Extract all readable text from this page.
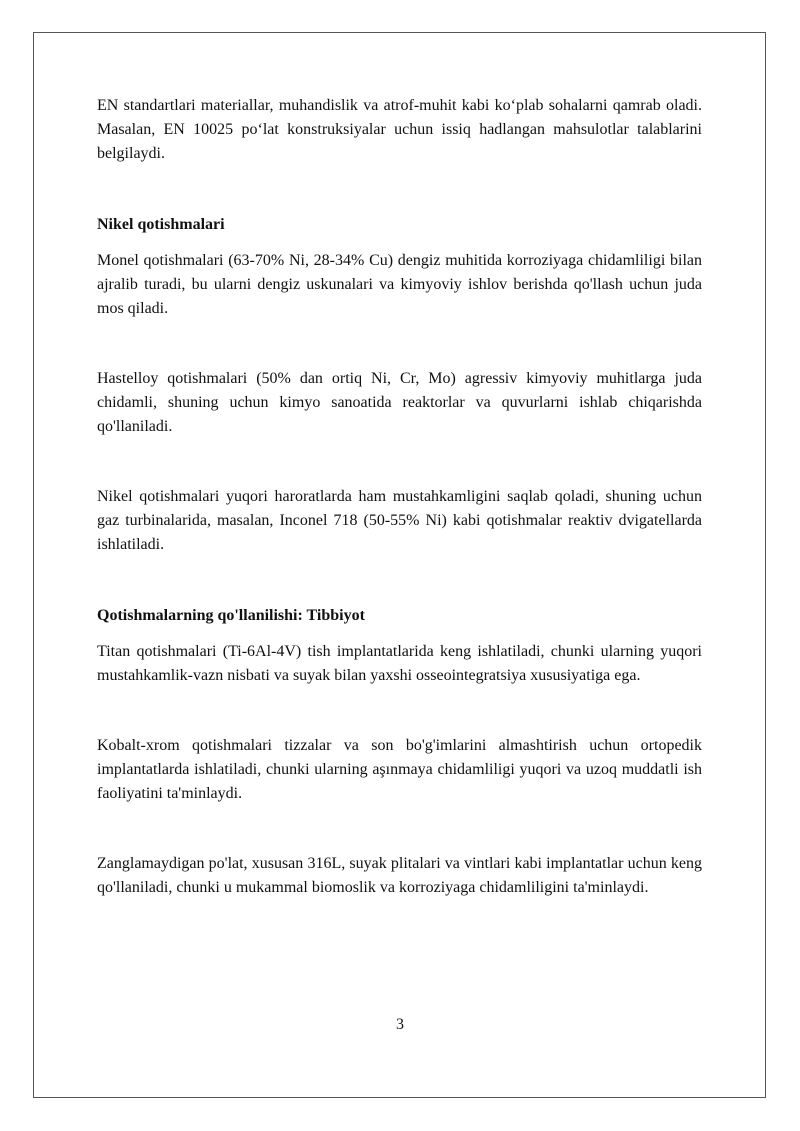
EN standartlari materiallar, muhandislik va atrof-muhit kabi ko‘plab sohalarni qamrab oladi. Masalan, EN 10025 po‘lat konstruksiyalar uchun issiq hadlangan mahsulotlar talablarini belgilaydi.

Nikel qotishmalari

Monel qotishmalari (63-70% Ni, 28-34% Cu) dengiz muhitida korroziyaga chidamliligi bilan ajralib turadi, bu ularni dengiz uskunalari va kimyoviy ishlov berishda qo'llash uchun juda mos qiladi.

Hastelloy qotishmalari (50% dan ortiq Ni, Cr, Mo) agressiv kimyoviy muhitlarga juda chidamli, shuning uchun kimyo sanoatida reaktorlar va quvurlarni ishlab chiqarishda qo'llaniladi.

Nikel qotishmalari yuqori haroratlarda ham mustahkamligini saqlab qoladi, shuning uchun gaz turbinalarida, masalan, Inconel 718 (50-55% Ni) kabi qotishmalar reaktiv dvigatellarda ishlatiladi.

Qotishmalarning qo'llanilishi: Tibbiyot

Titan qotishmalari (Ti-6Al-4V) tish implantatlarida keng ishlatiladi, chunki ularning yuqori mustahkamlik-vazn nisbati va suyak bilan yaxshi osseointegratsiya xususiyatiga ega.

Kobalt-xrom qotishmalari tizzalar va son bo'g'imlarini almashtirish uchun ortopedik implantatlarda ishlatiladi, chunki ularning aşınmaya chidamliligi yuqori va uzoq muddatli ish faoliyatini ta'minlaydi.

Zanglamaydigan po'lat, xususan 316L, suyak plitalari va vintlari kabi implantatlar uchun keng qo'llaniladi, chunki u mukammal biomoslik va korroziyaga chidamliligini ta'minlaydi.

3
